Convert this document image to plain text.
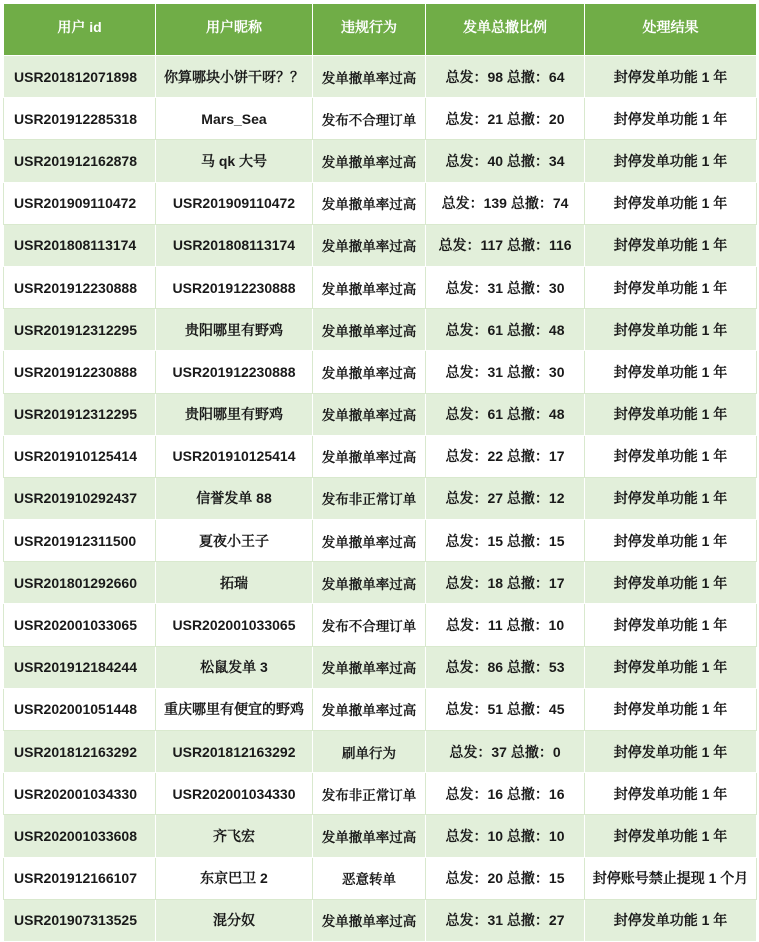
用户 id	用户昵称	违规行为	发单总撤比例	处理结果
USR201812071898	你算哪块小饼干呀？？	发单撤单率过高	总发：98 总撤：64	封停发单功能 1 年
USR201912285318	Mars_Sea	发布不合理订单	总发：21 总撤：20	封停发单功能 1 年
USR201912162878	马 qk 大号	发单撤单率过高	总发：40 总撤：34	封停发单功能 1 年
USR201909110472	USR201909110472	发单撤单率过高	总发：139 总撤：74	封停发单功能 1 年
USR201808113174	USR201808113174	发单撤单率过高	总发：117 总撤：116	封停发单功能 1 年
USR201912230888	USR201912230888	发单撤单率过高	总发：31 总撤：30	封停发单功能 1 年
USR201912312295	贵阳哪里有野鸡	发单撤单率过高	总发：61 总撤：48	封停发单功能 1 年
USR201912230888	USR201912230888	发单撤单率过高	总发：31 总撤：30	封停发单功能 1 年
USR201912312295	贵阳哪里有野鸡	发单撤单率过高	总发：61 总撤：48	封停发单功能 1 年
USR201910125414	USR201910125414	发单撤单率过高	总发：22 总撤：17	封停发单功能 1 年
USR201910292437	信誉发单 88	发布非正常订单	总发：27 总撤：12	封停发单功能 1 年
USR201912311500	夏夜小王子	发单撤单率过高	总发：15 总撤：15	封停发单功能 1 年
USR201801292660	拓瑞	发单撤单率过高	总发：18 总撤：17	封停发单功能 1 年
USR202001033065	USR202001033065	发布不合理订单	总发：11 总撤：10	封停发单功能 1 年
USR201912184244	松鼠发单 3	发单撤单率过高	总发：86 总撤：53	封停发单功能 1 年
USR202001051448	重庆哪里有便宜的野鸡	发单撤单率过高	总发：51 总撤：45	封停发单功能 1 年
USR201812163292	USR201812163292	刷单行为	总发：37 总撤：0	封停发单功能 1 年
USR202001034330	USR202001034330	发布非正常订单	总发：16 总撤：16	封停发单功能 1 年
USR202001033608	齐飞宏	发单撤单率过高	总发：10 总撤：10	封停发单功能 1 年
USR201912166107	东京巴卫 2	恶意转单	总发：20 总撤：15	封停账号禁止提现 1 个月
USR201907313525	混分奴	发单撤单率过高	总发：31 总撤：27	封停发单功能 1 年
